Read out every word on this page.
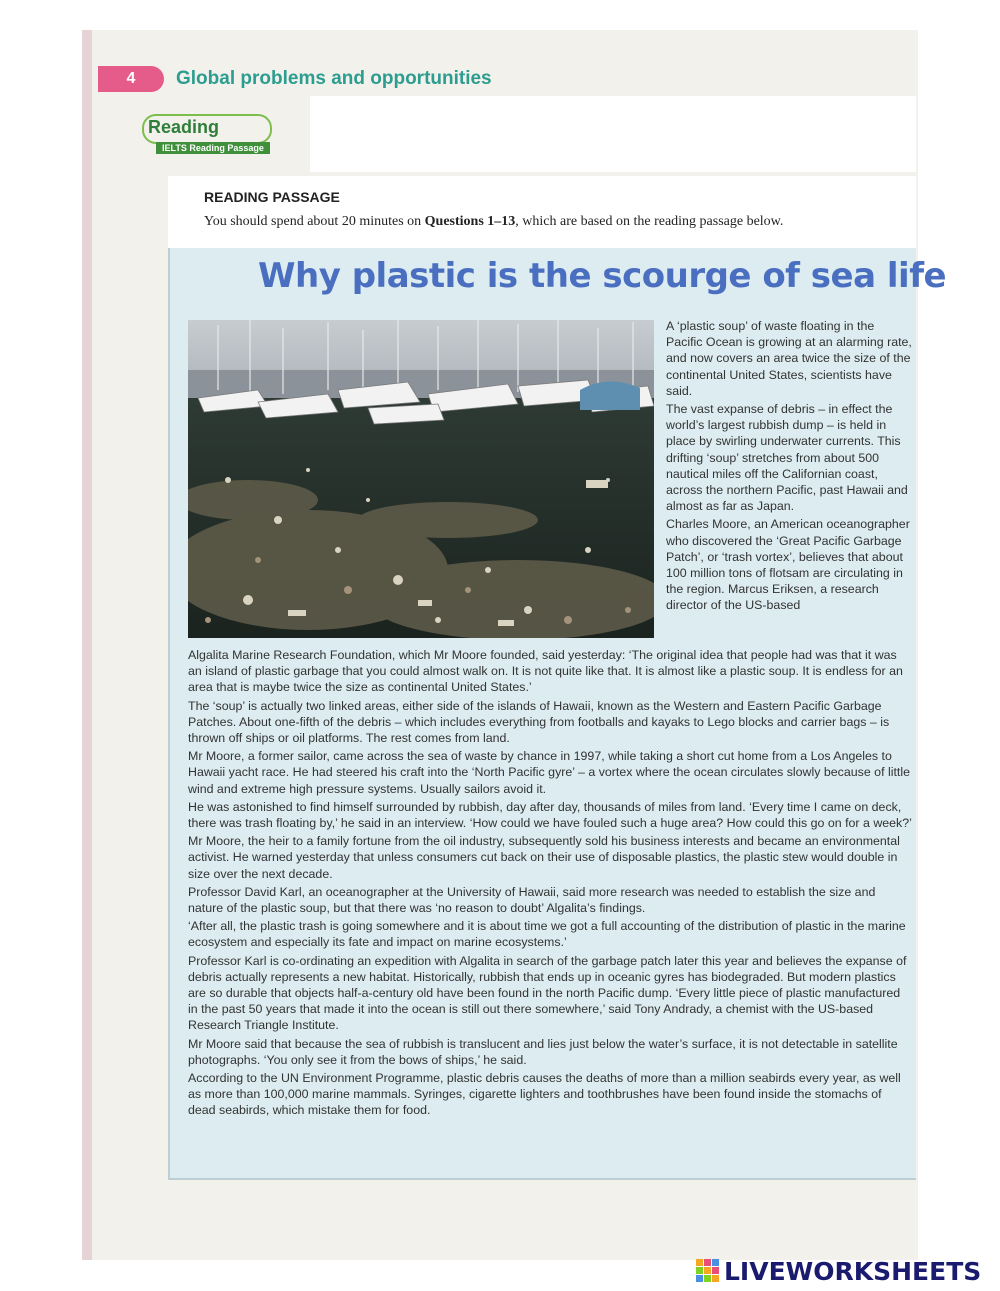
4	Global problems and opportunities
Reading
IELTS Reading Passage
READING PASSAGE
You should spend about 20 minutes on Questions 1–13, which are based on the reading passage below.
Why plastic is the scourge of sea life

A ‘plastic soup’ of waste floating in the Pacific Ocean is growing at an alarming rate, and now covers an area twice the size of the continental United States, scientists have said.

The vast expanse of debris – in effect the world’s largest rubbish dump – is held in place by swirling underwater currents. This drifting ‘soup’ stretches from about 500 nautical miles off the Californian coast, across the northern Pacific, past Hawaii and almost as far as Japan.

Charles Moore, an American oceanographer who discovered the ‘Great Pacific Garbage Patch’, or ‘trash vortex’, believes that about 100 million tons of flotsam are circulating in the region. Marcus Eriksen, a research director of the US-based

Algalita Marine Research Foundation, which Mr Moore founded, said yesterday: ‘The original idea that people had was that it was an island of plastic garbage that you could almost walk on. It is not quite like that. It is almost like a plastic soup. It is endless for an area that is maybe twice the size as continental United States.’

The ‘soup’ is actually two linked areas, either side of the islands of Hawaii, known as the Western and Eastern Pacific Garbage Patches. About one-fifth of the debris – which includes everything from footballs and kayaks to Lego blocks and carrier bags – is thrown off ships or oil platforms. The rest comes from land.

Mr Moore, a former sailor, came across the sea of waste by chance in 1997, while taking a short cut home from a Los Angeles to Hawaii yacht race. He had steered his craft into the ‘North Pacific gyre’ – a vortex where the ocean circulates slowly because of little wind and extreme high pressure systems. Usually sailors avoid it.

He was astonished to find himself surrounded by rubbish, day after day, thousands of miles from land. ‘Every time I came on deck, there was trash floating by,’ he said in an interview. ‘How could we have fouled such a huge area? How could this go on for a week?’

Mr Moore, the heir to a family fortune from the oil industry, subsequently sold his business interests and became an environmental activist. He warned yesterday that unless consumers cut back on their use of disposable plastics, the plastic stew would double in size over the next decade.

Professor David Karl, an oceanographer at the University of Hawaii, said more research was needed to establish the size and nature of the plastic soup, but that there was ‘no reason to doubt’ Algalita’s findings.

‘After all, the plastic trash is going somewhere and it is about time we got a full accounting of the distribution of plastic in the marine ecosystem and especially its fate and impact on marine ecosystems.’

Professor Karl is co-ordinating an expedition with Algalita in search of the garbage patch later this year and believes the expanse of debris actually represents a new habitat. Historically, rubbish that ends up in oceanic gyres has biodegraded. But modern plastics are so durable that objects half-a-century old have been found in the north Pacific dump. ‘Every little piece of plastic manufactured in the past 50 years that made it into the ocean is still out there somewhere,’ said Tony Andrady, a chemist with the US-based Research Triangle Institute.

Mr Moore said that because the sea of rubbish is translucent and lies just below the water’s surface, it is not detectable in satellite photographs. ‘You only see it from the bows of ships,’ he said.

According to the UN Environment Programme, plastic debris causes the deaths of more than a million seabirds every year, as well as more than 100,000 marine mammals. Syringes, cigarette lighters and toothbrushes have been found inside the stomachs of dead seabirds, which mistake them for food.

LIVEWORKSHEETS
